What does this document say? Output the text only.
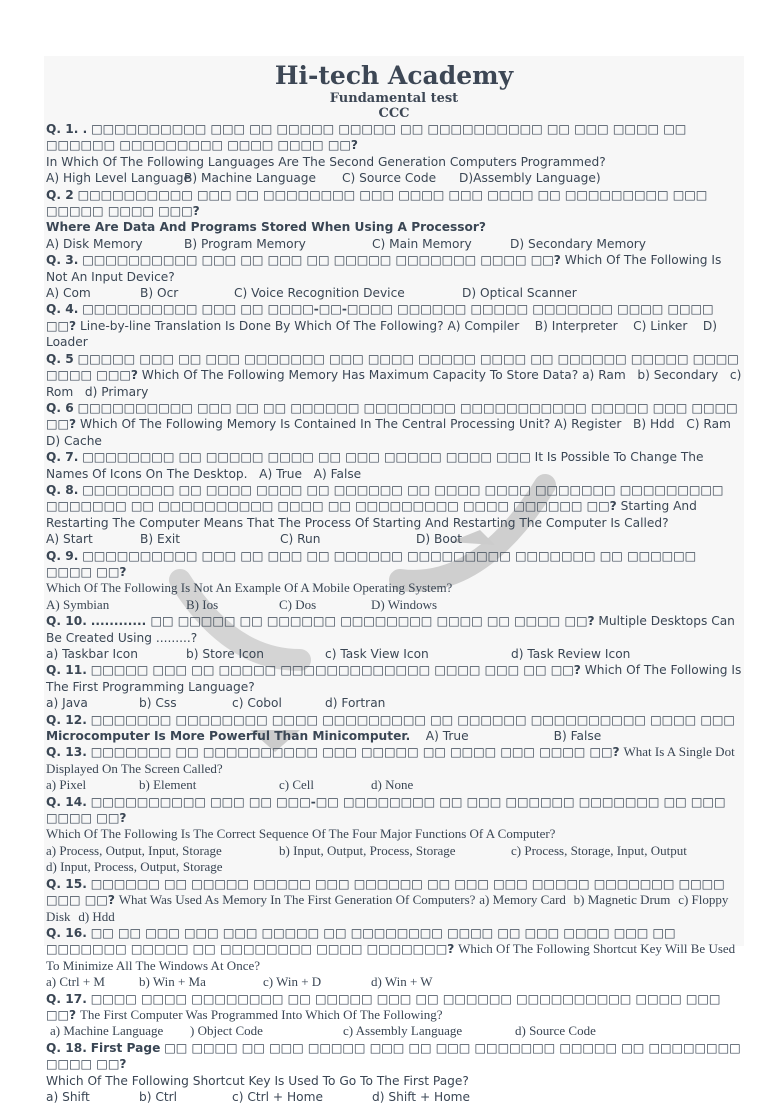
Hi-tech Academy
Fundamental test
CCC
Q. 1. . □□□□□□□□□□ □□□ □□ □□□□□ □□□□□ □□ □□□□□□□□□□ □□ □□□ □□□□ □□ □□□□□□ □□□□□□□□□ □□□□ □□□□ □□?
In Which Of The Following Languages Are The Second Generation Computers Programmed?
A) High Level Language
B) Machine Language	C) Source Code	D)Assembly Language)
Q. 2 □□□□□□□□□□ □□□ □□ □□□□□□□□ □□□ □□□□ □□□ □□□□ □□ □□□□□□□□□ □□□ □□□□□ □□□□ □□□?
Where Are Data And Programs Stored When Using A Processor?
A) Disk Memory	B) Program Memory	C) Main Memory	D) Secondary Memory
Q. 3. □□□□□□□□□□ □□□ □□ □□□ □□ □□□□□ □□□□□□□ □□□□ □□? Which Of The Following Is Not An Input Device?
A) Com	B) Ocr	C) Voice Recognition Device	D) Optical Scanner
Q. 4. □□□□□□□□□□ □□□ □□ □□□□-□□-□□□□ □□□□□□ □□□□□ □□□□□□□ □□□□ □□□□ □□? Line-by-line Translation Is Done By Which Of The Following? A) Compiler B) Interpreter C) Linker D) Loader
Q. 5 □□□□□ □□□ □□ □□□ □□□□□□□ □□□ □□□□ □□□□□ □□□□ □□ □□□□□□ □□□□□ □□□□ □□□□ □□□? Which Of The Following Memory Has Maximum Capacity To Store Data? a) Ram b) Secondary c) Rom d) Primary
Q. 6 □□□□□□□□□□ □□□ □□ □□ □□□□□□ □□□□□□□□ □□□□□□□□□□□ □□□□□ □□□ □□□□ □□? Which Of The Following Memory Is Contained In The Central Processing Unit? A) Register B) Hdd C) Ram   D) Cache
Q. 7. □□□□□□□□ □□ □□□□□ □□□□ □□ □□□ □□□□□ □□□□ □□□ It Is Possible To Change The Names Of Icons On The Desktop. A) True A) False
Q. 8. □□□□□□□□ □□ □□□□ □□□□ □□ □□□□□□ □□ □□□□ □□□□ □□□□□□□ □□□□□□□□□ □□□□□□□ □□ □□□□□□□□□□ □□□□ □□ □□□□□□□□□ □□□□ □□□□□□ □□? Starting And Restarting The Computer Means That The Process Of Starting And Restarting The Computer Is Called?
A) Start	B) Exit	C) Run	D) Boot
Q. 9. □□□□□□□□□□ □□□ □□ □□□ □□ □□□□□□ □□□□□□□□□ □□□□□□□ □□ □□□□□□ □□□□ □□?
Which Of The Following Is Not An Example Of A Mobile Operating System?
A) Symbian	B) Ios	C) Dos	D) Windows
Q. 10. ............ □□ □□□□□ □□ □□□□□□ □□□□□□□□ □□□□ □□ □□□□ □□? Multiple Desktops Can Be Created Using .........?
a) Taskbar Icon	b) Store Icon	c) Task View Icon	d) Task Review Icon
Q. 11. □□□□□ □□□ □□ □□□□□ □□□□□□□□□□□□□ □□□□ □□□ □□ □□? Which Of The Following Is The First Programming Language?
a) Java	b) Css	c) Cobol	d) Fortran
Q. 12. □□□□□□□ □□□□□□□□ □□□□ □□□□□□□□□ □□ □□□□□□ □□□□□□□□□□ □□□□ □□□ Microcomputer Is More Powerful Than Minicomputer. A) True	B) False
Q. 13. □□□□□□□ □□ □□□□□□□□□□ □□□ □□□□□ □□ □□□□ □□□ □□□□ □□? What Is A Single Dot Displayed On The Screen Called?
a) Pixel	b) Element	c) Cell	d) None
Q. 14. □□□□□□□□□□ □□□ □□ □□□-□□ □□□□□□□□ □□ □□□ □□□□□□ □□□□□□□ □□ □□□ □□□□ □□?
Which Of The Following Is The Correct Sequence Of The Four Major Functions Of A Computer?
a) Process, Output, Input, Storage	b) Input, Output, Process, Storage	c) Process, Storage, Input, Output
d) Input, Process, Output, Storage
Q. 15. □□□□□□ □□ □□□□□ □□□□□ □□□ □□□□□□ □□ □□□ □□□ □□□□□ □□□□□□□ □□□□ □□□ □□? What Was Used As Memory In The First Generation Of Computers? a) Memory Card b) Magnetic Drum c) Floppy Disk d) Hdd
Q. 16. □□ □□ □□□ □□□ □□□ □□□□□ □□ □□□□□□□□ □□□□ □□ □□□ □□□□ □□□ □□ □□□□□□□ □□□□□ □□ □□□□□□□□ □□□□ □□□□□□□? Which Of The Following Shortcut Key Will Be Used To Minimize All The Windows At Once?
a) Ctrl + M	b) Win + Ma	c) Win + D	d) Win + W
Q. 17. □□□□ □□□□ □□□□□□□□ □□ □□□□□ □□□ □□ □□□□□□ □□□□□□□□□□ □□□□ □□□ □□? The First Computer Was Programmed Into Which Of The Following?
a) Machine Language	) Object Code	c) Assembly Language	d) Source Code
Q. 18. First Page □□ □□□□ □□ □□□ □□□□□ □□□ □□ □□□ □□□□□□□ □□□□□ □□ □□□□□□□□ □□□□ □□?
Which Of The Following Shortcut Key Is Used To Go To The First Page?
a) Shift	b) Ctrl	c) Ctrl + Home	d) Shift + Home
